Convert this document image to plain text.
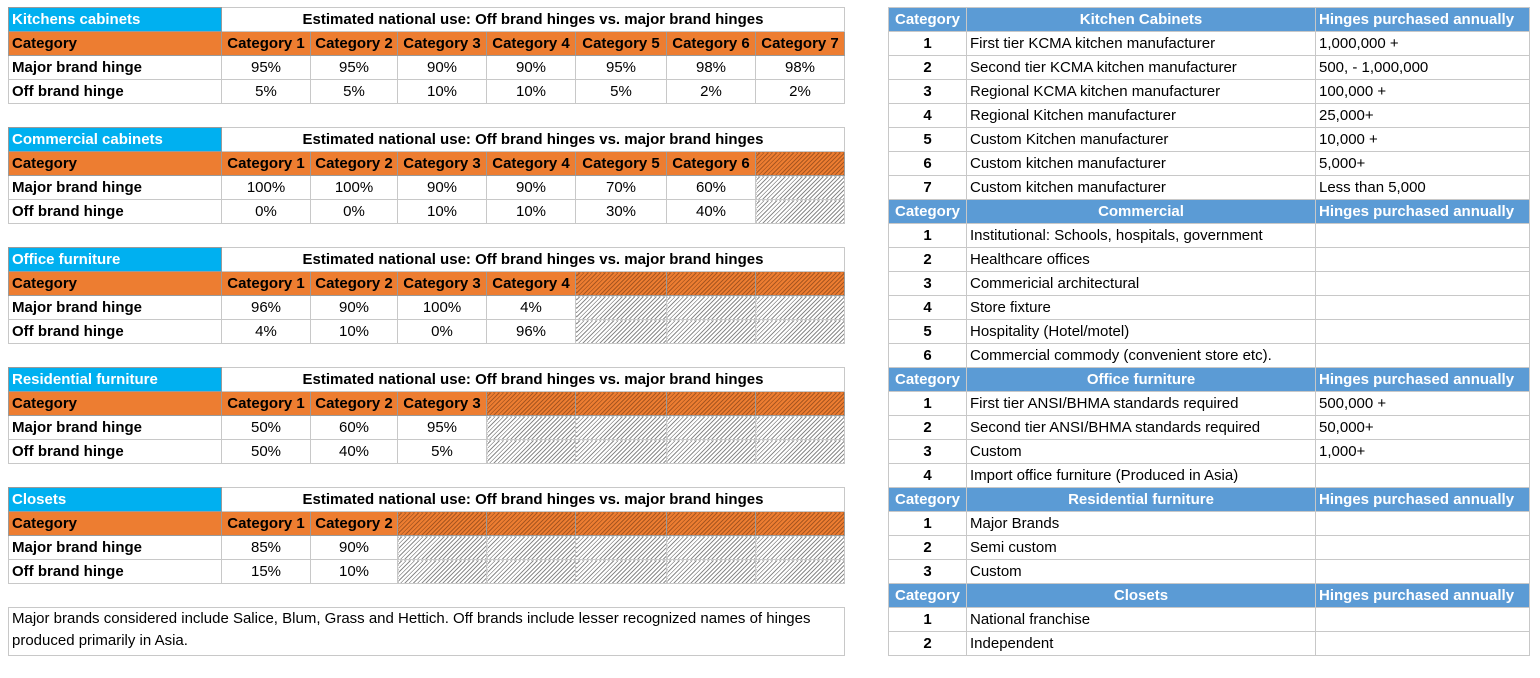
Kitchens cabinets	Estimated national use: Off brand hinges vs. major brand hinges								Category	Kitchen Cabinets	Hinges purchased annually
Category	Category 1	Category 2	Category 3	Category 4	Category 5	Category 6	Category 7		1	First tier KCMA kitchen manufacturer	1,000,000 +
Major brand hinge	95%	95%	90%	90%	95%	98%	98%		2	Second tier KCMA kitchen manufacturer	500, - 1,000,000
Off brand hinge	5%	5%	10%	10%	5%	2%	2%		3	Regional KCMA kitchen manufacturer	100,000 +
									4	Regional Kitchen manufacturer	25,000+
Commercial cabinets	Estimated national use: Off brand hinges vs. major brand hinges								5	Custom Kitchen manufacturer	10,000 +
Category	Category 1	Category 2	Category 3	Category 4	Category 5	Category 6			6	Custom kitchen manufacturer	5,000+
Major brand hinge	100%	100%	90%	90%	70%	60%			7	Custom kitchen manufacturer	Less than 5,000
Off brand hinge	0%	0%	10%	10%	30%	40%			Category	Commercial	Hinges purchased annually
									1	Institutional: Schools, hospitals, government	
Office furniture	Estimated national use: Off brand hinges vs. major brand hinges								2	Healthcare offices	
Category	Category 1	Category 2	Category 3	Category 4					3	Commericial architectural	
Major brand hinge	96%	90%	100%	4%					4	Store fixture	
Off brand hinge	4%	10%	0%	96%					5	Hospitality (Hotel/motel)	
									6	Commercial commody (convenient store etc).	
Residential furniture	Estimated national use: Off brand hinges vs. major brand hinges								Category	Office furniture	Hinges purchased annually
Category	Category 1	Category 2	Category 3						1	First tier ANSI/BHMA standards required	500,000 +
Major brand hinge	50%	60%	95%						2	Second tier ANSI/BHMA standards required	50,000+
Off brand hinge	50%	40%	5%						3	Custom	1,000+
									4	Import office furniture (Produced in Asia)	
Closets	Estimated national use: Off brand hinges vs. major brand hinges								Category	Residential furniture	Hinges purchased annually
Category	Category 1	Category 2							1	Major Brands	
Major brand hinge	85%	90%							2	Semi custom	
Off brand hinge	15%	10%							3	Custom	
									Category	Closets	Hinges purchased annually
Major brands considered include Salice, Blum, Grass and Hettich. Off brands include lesser recognized names of hinges produced primarily in Asia.									1	National franchise	
									2	Independent	
